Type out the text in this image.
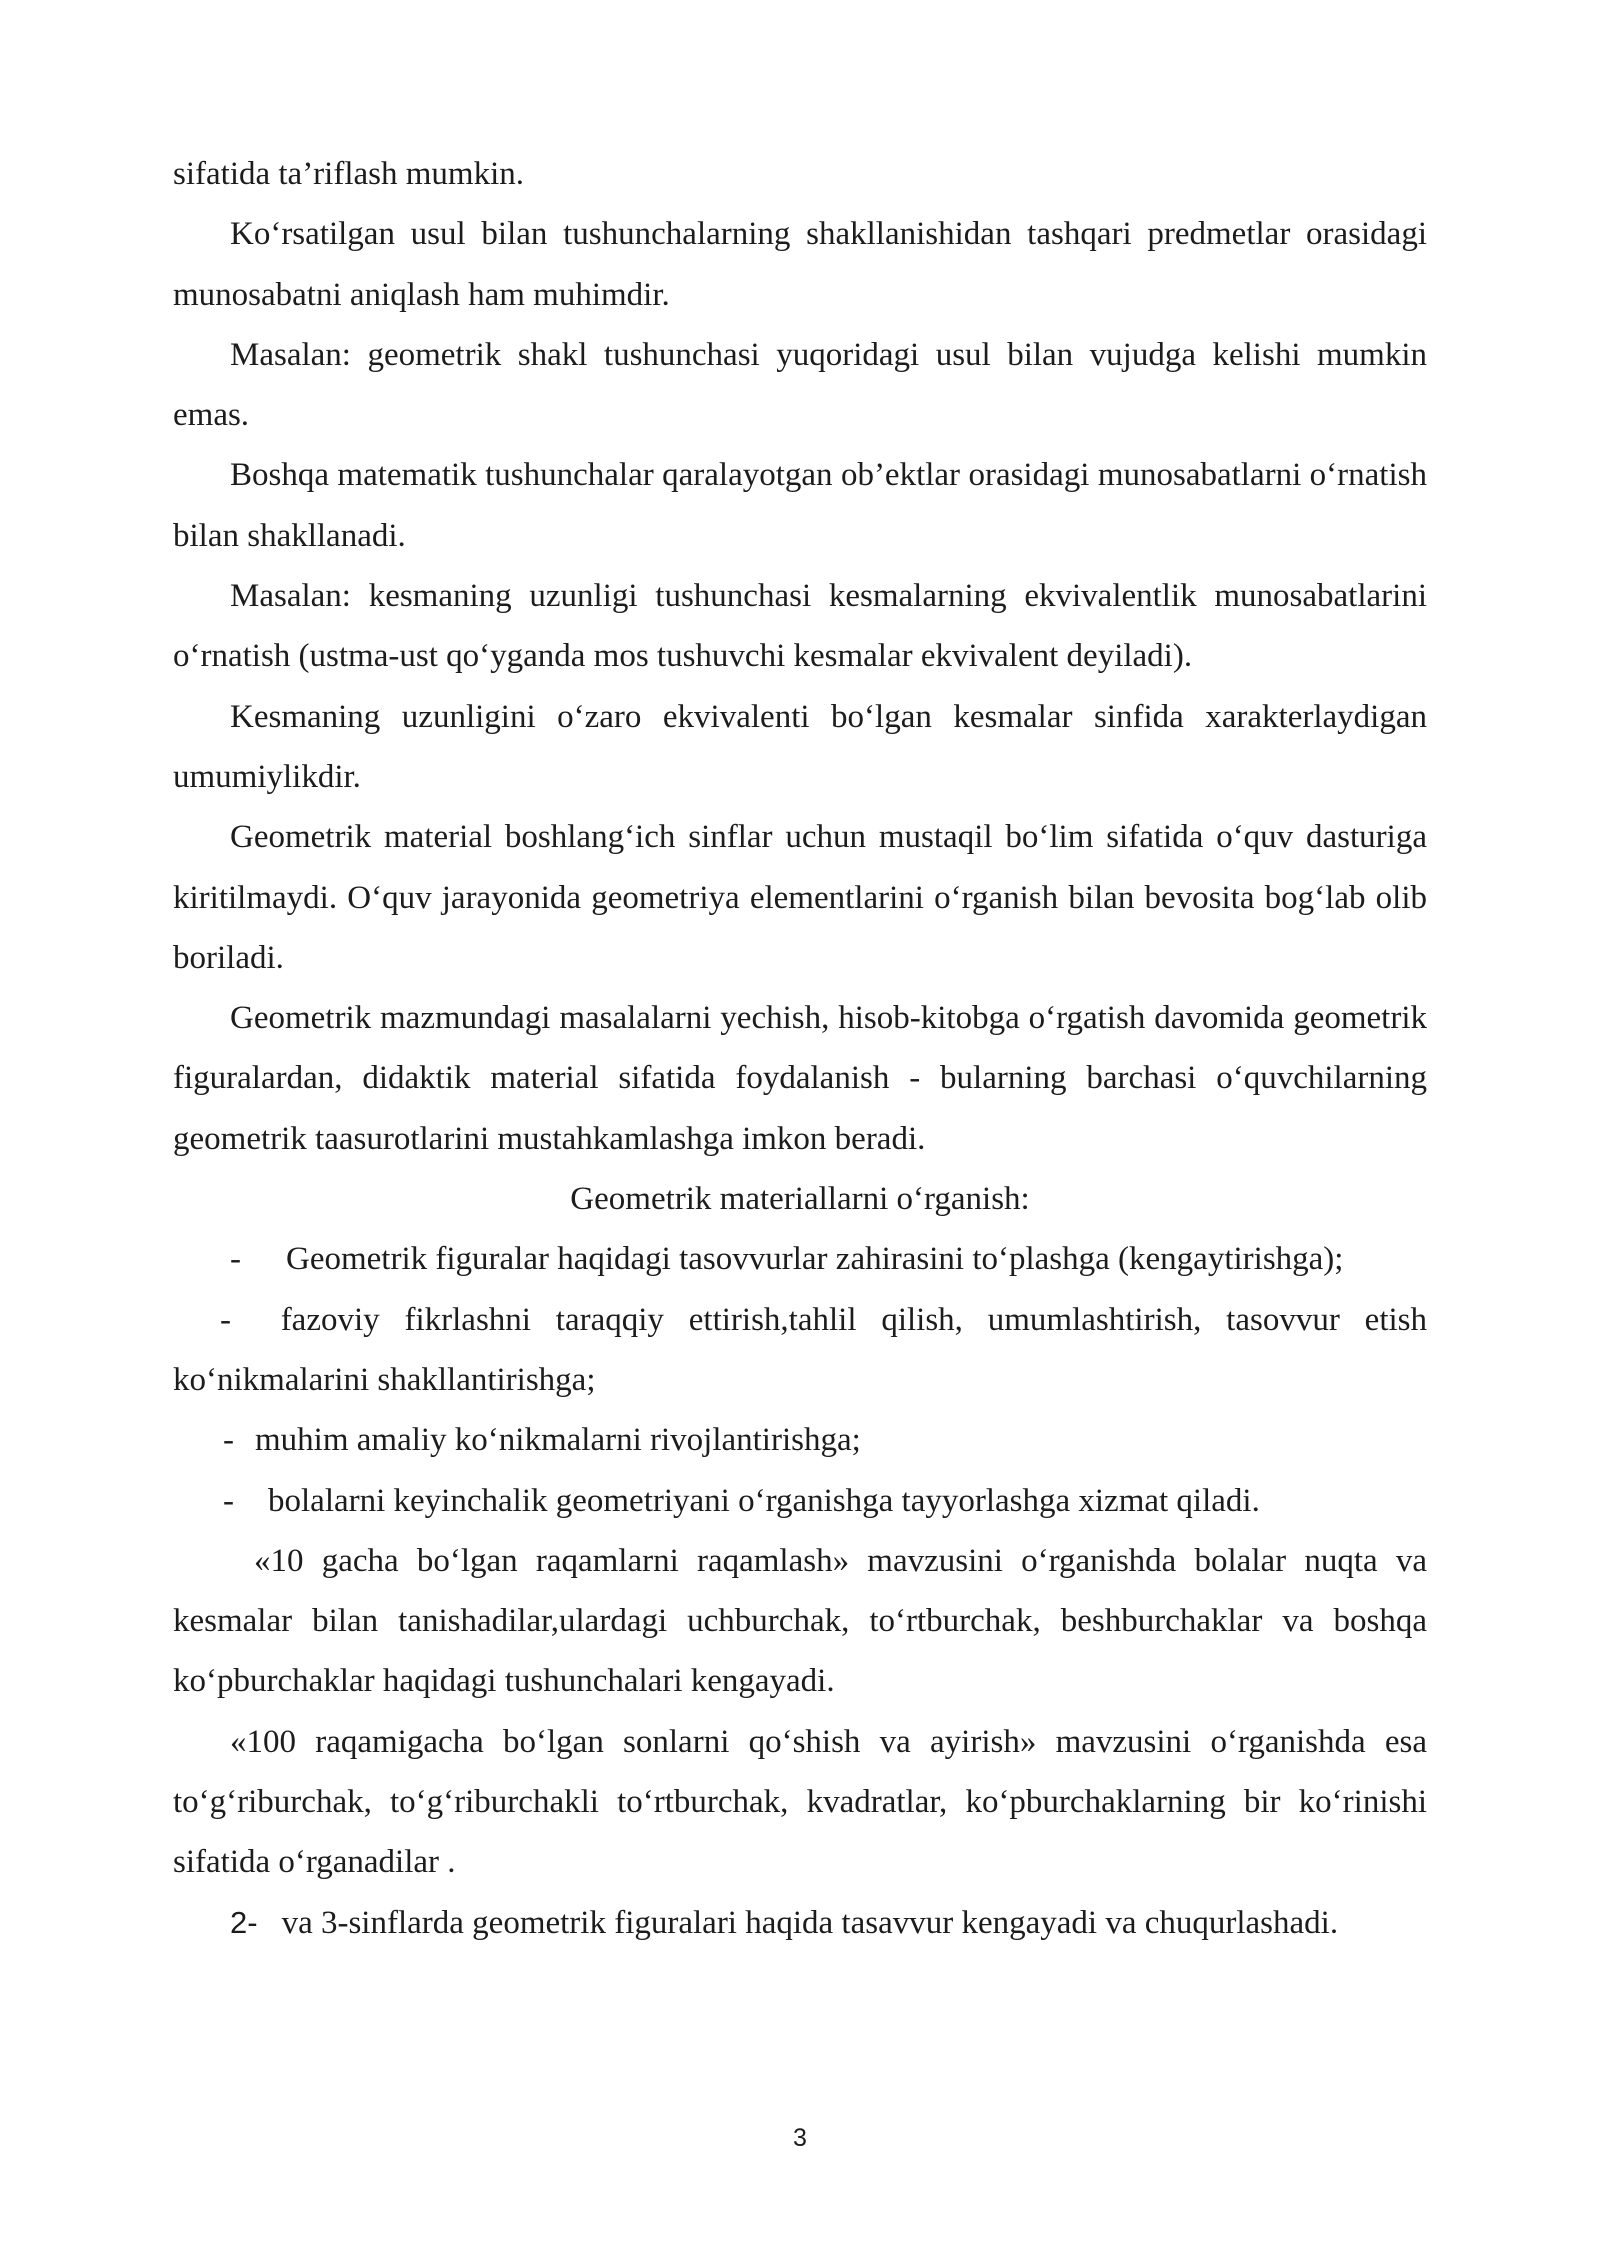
sifatida ta’riflash mumkin.

Ko‘rsatilgan usul bilan tushunchalarning shakllanishidan tashqari predmetlar orasidagi munosabatni aniqlash ham muhimdir.

Masalan: geometrik shakl tushunchasi yuqoridagi usul bilan vujudga kelishi mumkin emas.

Boshqa matematik tushunchalar qaralayotgan ob’ektlar orasidagi munosabatlarni o‘rnatish bilan shakllanadi.

Masalan: kesmaning uzunligi tushunchasi kesmalarning ekvivalentlik munosabatlarini o‘rnatish (ustma-ust qo‘yganda mos tushuvchi kesmalar ekvivalent deyiladi).

Kesmaning uzunligini o‘zaro ekvivalenti bo‘lgan kesmalar sinfida xarakterlaydigan umumiylikdir.

Geometrik material boshlang‘ich sinflar uchun mustaqil bo‘lim sifatida o‘quv dasturiga kiritilmaydi. O‘quv jarayonida geometriya elementlarini o‘rganish bilan bevosita bog‘lab olib boriladi.

Geometrik mazmundagi masalalarni yechish, hisob-kitobga o‘rgatish davomida geometrik figuralardan, didaktik material sifatida foydalanish - bularning barchasi o‘quvchilarning geometrik taasurotlarini mustahkamlashga imkon beradi.

Geometrik materiallarni o‘rganish:

-	Geometrik figuralar haqidagi tasovvurlar zahirasini to‘plashga (kengaytirishga);

- fazoviy fikrlashni taraqqiy ettirish,tahlil qilish, umumlashtirish, tasovvur etish ko‘nikmalarini shakllantirishga;

- muhim amaliy ko‘nikmalarni rivojlantirishga;

-	bolalarni keyinchalik geometriyani o‘rganishga tayyorlashga xizmat qiladi.

«10 gacha bo‘lgan raqamlarni raqamlash» mavzusini o‘rganishda bolalar nuqta va kesmalar bilan tanishadilar,ulardagi uchburchak, to‘rtburchak, beshburchaklar va boshqa ko‘pburchaklar haqidagi tushunchalari kengayadi.

«100 raqamigacha bo‘lgan sonlarni qo‘shish va ayirish» mavzusini o‘rganishda esa to‘g‘riburchak, to‘g‘riburchakli to‘rtburchak, kvadratlar, ko‘pburchaklarning bir ko‘rinishi sifatida o‘rganadilar .

2- va 3-sinflarda geometrik figuralari haqida tasavvur kengayadi va chuqurlashadi.

3
